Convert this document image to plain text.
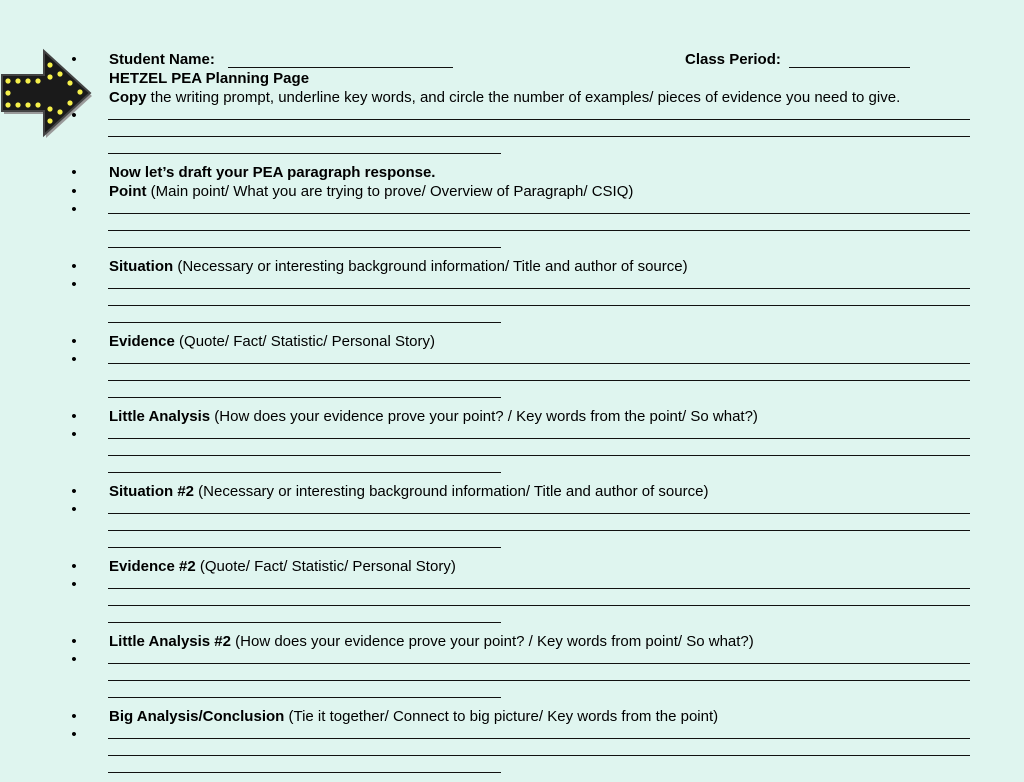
• Student Name:	Class Period:
HETZEL PEA Planning Page
Copy the writing prompt, underline key words, and circle the number of examples/ pieces of evidence you need to give.
•
• Now let’s draft your PEA paragraph response.
• Point (Main point/ What you are trying to prove/ Overview of Paragraph/ CSIQ)
•
• Situation (Necessary or interesting background information/ Title and author of source)
•
• Evidence (Quote/ Fact/ Statistic/ Personal Story)
•
• Little Analysis (How does your evidence prove your point? / Key words from the point/ So what?)
•
• Situation #2 (Necessary or interesting background information/ Title and author of source)
•
• Evidence #2 (Quote/ Fact/ Statistic/ Personal Story)
•
• Little Analysis #2 (How does your evidence prove your point? / Key words from point/ So what?)
•
• Big Analysis/Conclusion (Tie it together/ Connect to big picture/ Key words from the point)
•
